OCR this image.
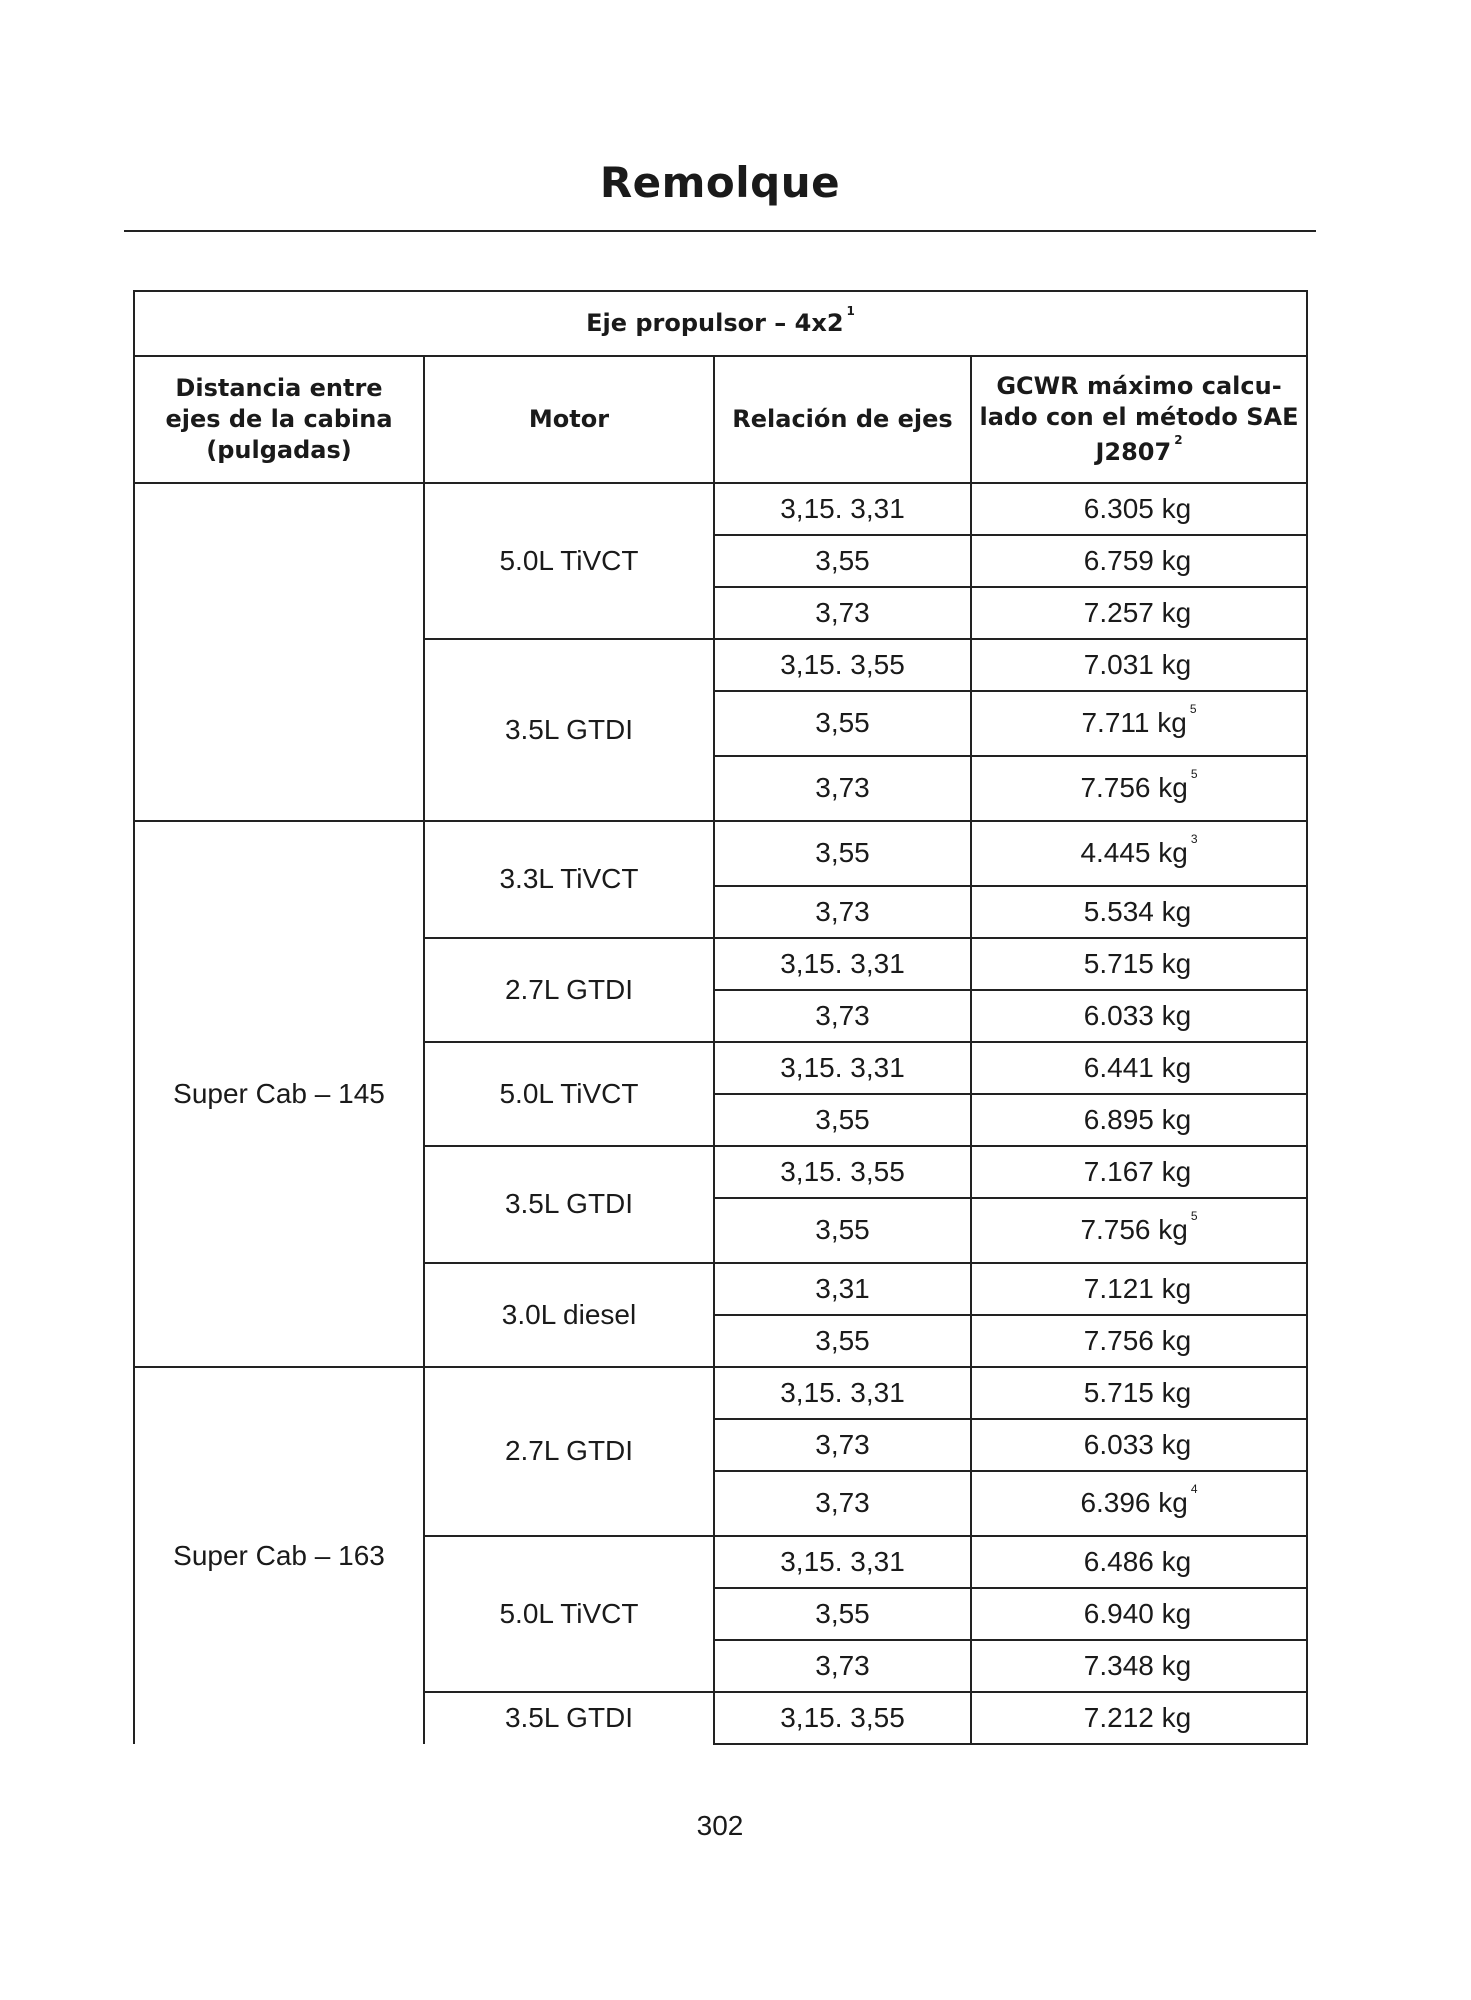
Remolque
Eje propulsor – 4x2 $^1$
Distancia entre ejes de la cabina (pulgadas)	Motor	Relación de ejes	GCWR máximo calcu-
lado con el método SAE
J2807 $^2$

	5.0L TiVCT	3,15. 3,31	6.305 kg
		3,55	6.759 kg
		3,73	7.257 kg
	3.5L GTDI	3,15. 3,55	7.031 kg
		3,55	7.711 kg $^5$
		3,73	7.756 kg $^5$
Super Cab – 145	3.3L TiVCT	3,55	4.445 kg $^3$
		3,73	5.534 kg
	2.7L GTDI	3,15. 3,31	5.715 kg
		3,73	6.033 kg
	5.0L TiVCT	3,15. 3,31	6.441 kg
		3,55	6.895 kg
	3.5L GTDI	3,15. 3,55	7.167 kg
		3,55	7.756 kg $^5$
	3.0L diesel	3,31	7.121 kg
		3,55	7.756 kg
Super Cab – 163	2.7L GTDI	3,15. 3,31	5.715 kg
		3,73	6.033 kg
		3,73	6.396 kg $^4$
	5.0L TiVCT	3,15. 3,31	6.486 kg
		3,55	6.940 kg
		3,73	7.348 kg
	3.5L GTDI	3,15. 3,55	7.212 kg
302
